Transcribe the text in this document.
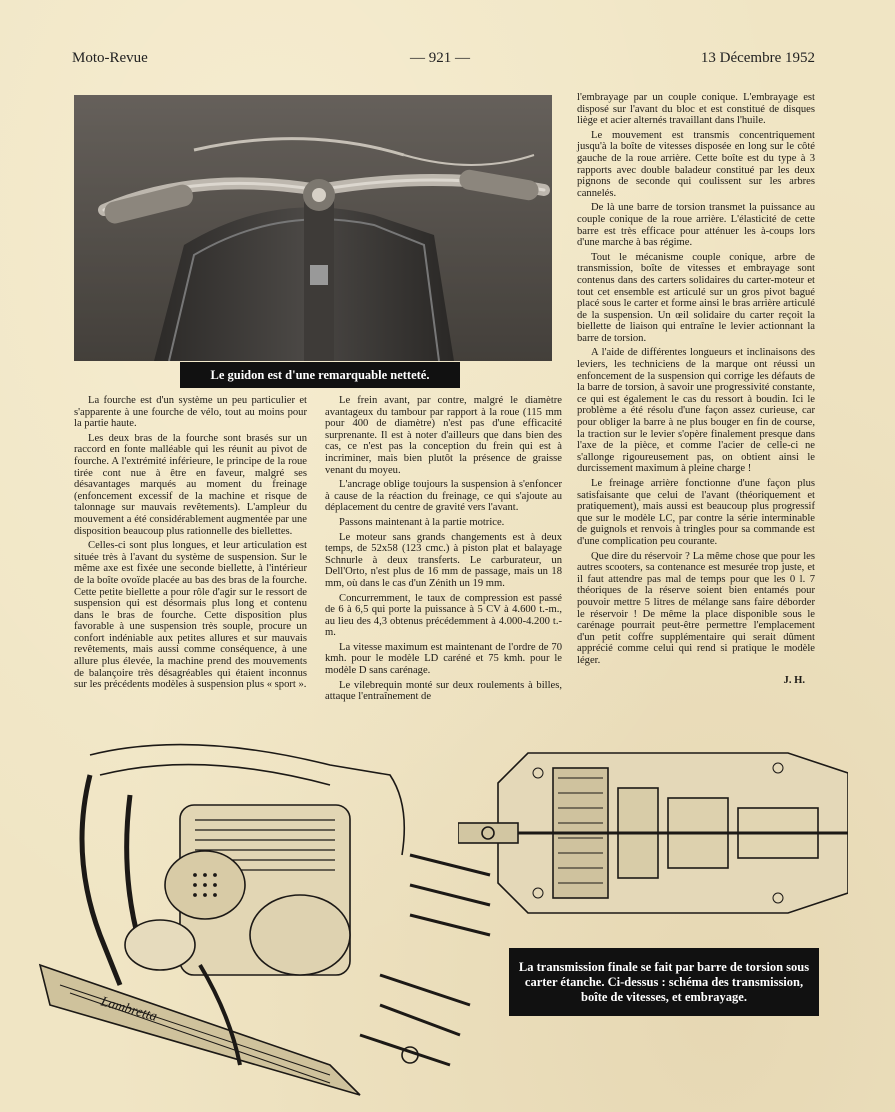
Moto-Revue	— 921 —	13 Décembre 1952
Le guidon est d'une remarquable netteté.

La fourche est d'un système un peu particulier et s'apparente à une fourche de vélo, tout au moins pour la partie haute.

Les deux bras de la fourche sont brasés sur un raccord en fonte malléable qui les réunit au pivot de fourche. A l'extrémité inférieure, le principe de la roue tirée cont nue à être en faveur, malgré ses désavantages marqués au moment du freinage (enfoncement excessif de la machine et risque de talonnage sur mauvais revêtements). L'ampleur du mouvement a été considérablement augmentée par une disposition beaucoup plus rationnelle des biellettes.

Celles-ci sont plus longues, et leur articulation est située très à l'avant du système de suspension. Sur le même axe est fixée une seconde biellette, à l'intérieur de la boîte ovoïde placée au bas des bras de la fourche. Cette petite biellette a pour rôle d'agir sur le ressort de suspension qui est désormais plus long et contenu dans le bras de fourche. Cette disposition plus favorable à une suspension très souple, procure un confort indéniable aux petites allures et sur mauvais revêtements, mais aussi comme conséquence, à une allure plus élevée, la machine prend des mouvements de balançoire très désagréables qui étaient inconnus sur les précédents modèles à suspension plus « sport ».

Le frein avant, par contre, malgré le diamètre avantageux du tambour par rapport à la roue (115 mm pour 400 de diamètre) n'est pas d'une efficacité surprenante. Il est à noter d'ailleurs que dans bien des cas, ce n'est pas la conception du frein qui est à incriminer, mais bien plutôt la présence de graisse venant du moyeu.

L'ancrage oblige toujours la suspension à s'enfoncer à cause de la réaction du freinage, ce qui s'ajoute au déplacement du centre de gravité vers l'avant.

Passons maintenant à la partie motrice.

Le moteur sans grands changements est à deux temps, de 52x58 (123 cmc.) à piston plat et balayage Schnurle à deux transferts. Le carburateur, un Dell'Orto, n'est plus de 16 mm de passage, mais un 18 mm, où dans le cas d'un Zénith un 19 mm.

Concurremment, le taux de compression est passé de 6 à 6,5 qui porte la puissance à 5 CV à 4.600 t.-m., au lieu des 4,3 obtenus précédemment à 4.000-4.200 t.-m.

La vitesse maximum est maintenant de l'ordre de 70 kmh. pour le modèle LD caréné et 75 kmh. pour le modèle D sans carénage.

Le vilebrequin monté sur deux roulements à billes, attaque l'entraînement de

l'embrayage par un couple conique. L'embrayage est disposé sur l'avant du bloc et est constitué de disques liège et acier alternés travaillant dans l'huile.

Le mouvement est transmis concentriquement jusqu'à la boîte de vitesses disposée en long sur le côté gauche de la roue arrière. Cette boîte est du type à 3 rapports avec double baladeur constitué par les deux pignons de seconde qui coulissent sur les arbres cannelés.

De là une barre de torsion transmet la puissance au couple conique de la roue arrière. L'élasticité de cette barre est très efficace pour atténuer les à-coups lors d'une marche à bas régime.

Tout le mécanisme couple conique, arbre de transmission, boîte de vitesses et embrayage sont contenus dans des carters solidaires du carter-moteur et tout cet ensemble est articulé sur un gros pivot bagué placé sous le carter et forme ainsi le bras arrière articulé de la suspension. Un œil solidaire du carter reçoit la biellette de liaison qui entraîne le levier actionnant la barre de torsion.

A l'aide de différentes longueurs et inclinaisons des leviers, les techniciens de la marque ont réussi un enfoncement de la suspension qui corrige les défauts de la barre de torsion, à savoir une progressivité constante, ce qui est également le cas du ressort à boudin. Ici le problème a été résolu d'une façon assez curieuse, car pour obliger la barre à ne plus bouger en fin de course, la traction sur le levier s'opère finalement presque dans l'axe de la pièce, et comme l'acier de celle-ci ne s'allonge rigoureusement pas, on obtient ainsi le durcissement maximum à pleine charge !

Le freinage arrière fonctionne d'une façon plus satisfaisante que celui de l'avant (théoriquement et pratiquement), mais aussi est beaucoup plus progressif que sur le modèle LC, par contre la série interminable de guignols et renvois à tringles pour sa commande est d'une complication peu courante.

Que dire du réservoir ? La même chose que pour les autres scooters, sa contenance est mesurée trop juste, et il faut attendre pas mal de temps pour que les 0 l. 7 théoriques de la réserve soient bien entamés pour pouvoir mettre 5 litres de mélange sans faire déborder le réservoir ! De même la place disponible sous le carénage pourrait peut-être permettre l'emplacement d'un petit coffre supplémentaire qui serait dûment apprécié comme celui qui rend si pratique le modèle léger.

J. H.
Lambretta
La transmission finale se fait par barre de torsion sous carter étanche. Ci-dessus : schéma des transmission, boîte de vitesses, et embrayage.
